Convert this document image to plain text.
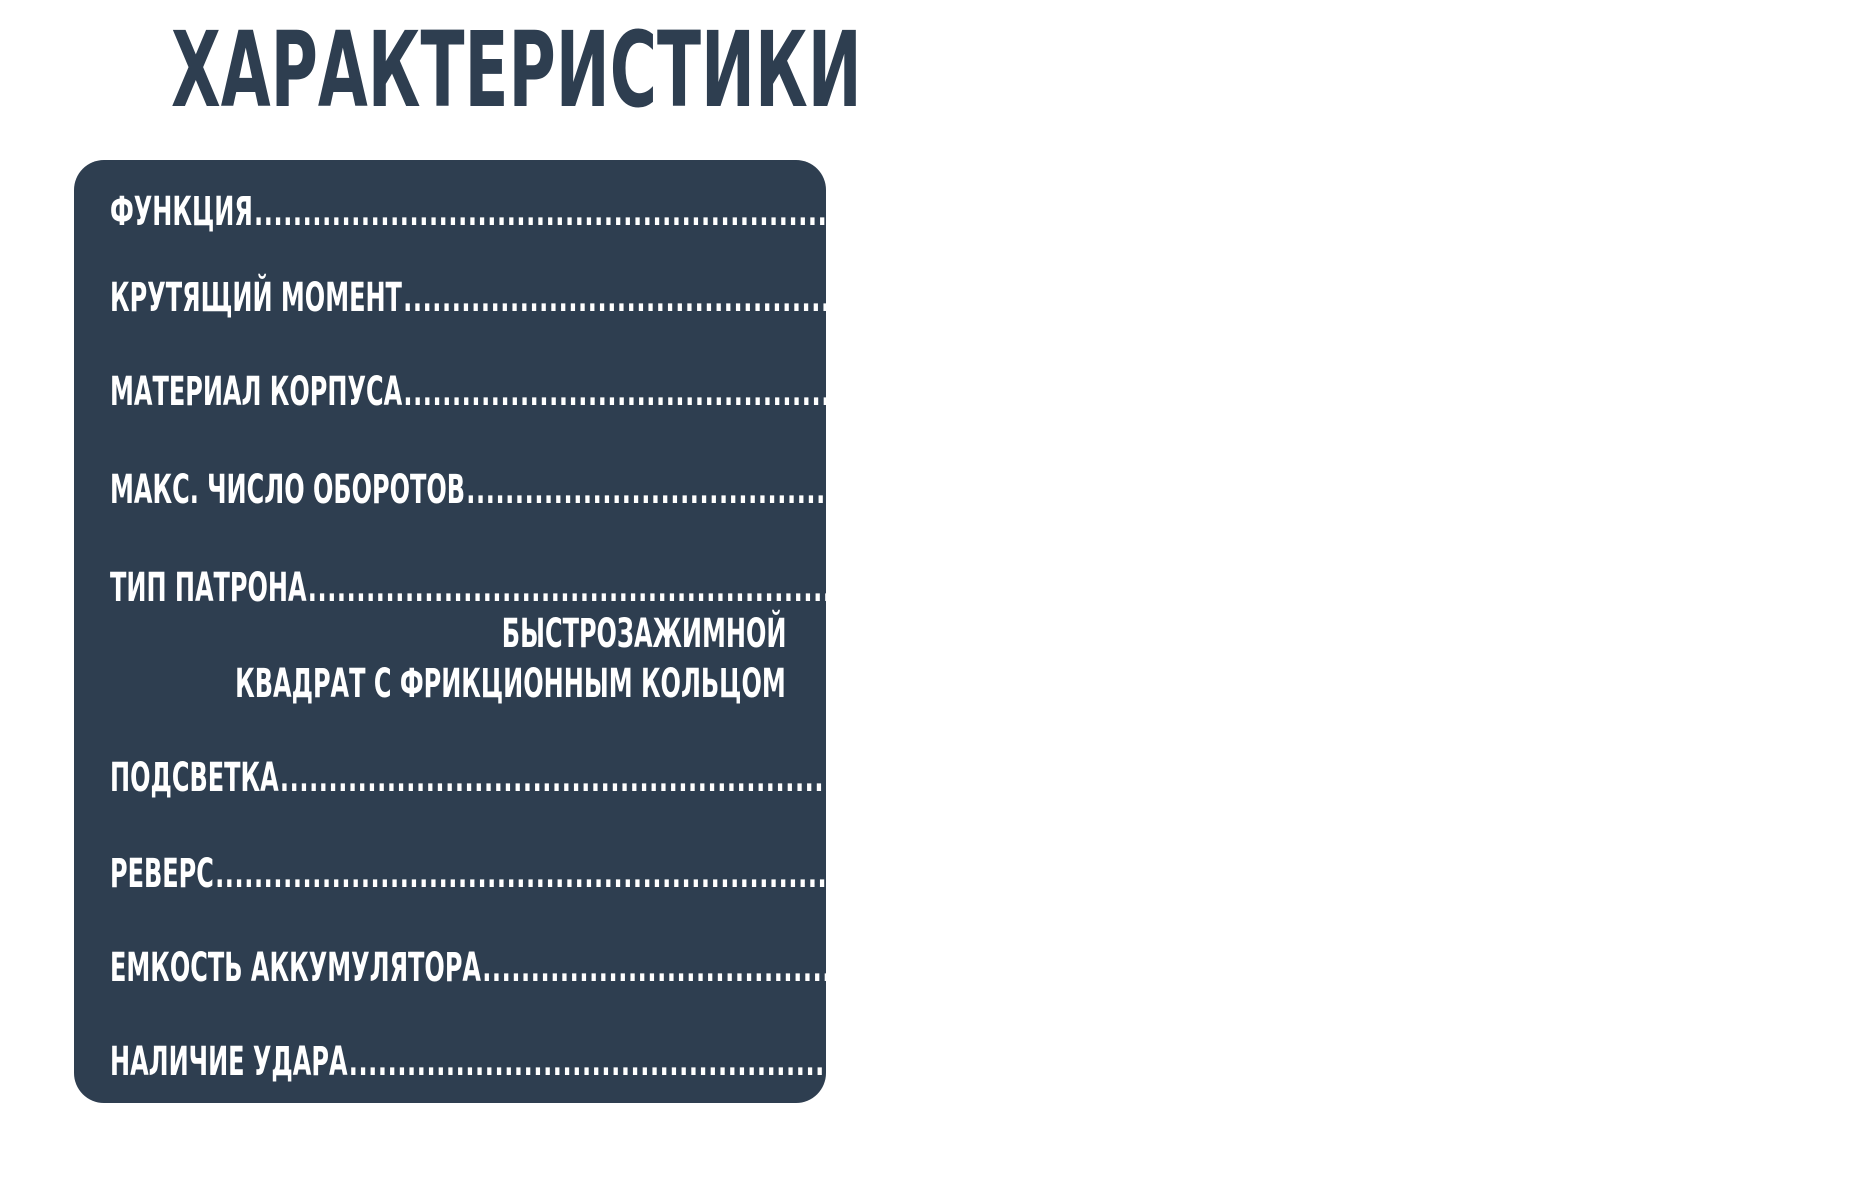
ХАРАКТЕРИСТИКИ
ФУНКЦИЯ ........................................................................................................................ АВТО-СТОП
КРУТЯЩИЙ МОМЕНТ ........................................................................................................................ 1190 Н/М
МАТЕРИАЛ КОРПУСА ........................................................................................................................ МЕТАЛЛ И ПАЛСТИК
МАКС. ЧИСЛО ОБОРОТОВ ........................................................................................................................ 2500 ОБ/МИН
ТИП ПАТРОНА ........................................................................................................................ КВАДРАТ 1/2
БЫСТРОЗАЖИМНОЙ
КВАДРАТ С ФРИКЦИОННЫМ КОЛЬЦОМ
ПОДСВЕТКА ........................................................................................................................ ЕСТЬ
РЕВЕРС ........................................................................................................................ ЕСТЬ
ЕМКОСТЬ АККУМУЛЯТОРА ........................................................................................................................ 4.0 Ач
НАЛИЧИЕ УДАРА ........................................................................................................................ С УДАРОМ
